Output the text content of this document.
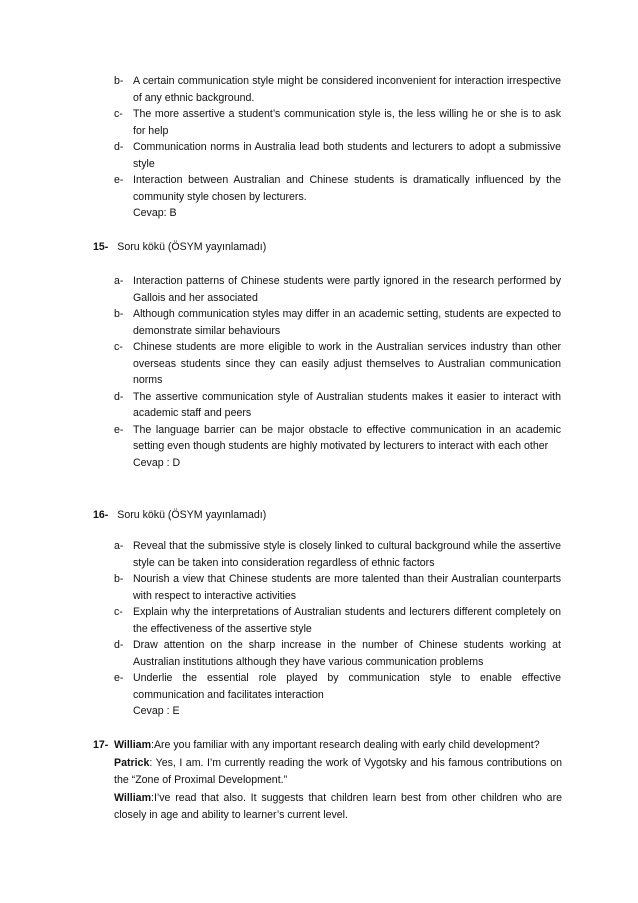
b- A certain communication style might be considered inconvenient for interaction irrespective of any ethnic background.
c- The more assertive a student’s communication style is, the less willing he or she is to ask for help
d- Communication norms in Australia lead both students and lecturers to adopt a submissive style
e- Interaction between Australian and Chinese students is dramatically influenced by the community style chosen by lecturers.
Cevap: B
15- Soru kökü (ÖSYM yayınlamadı)
a- Interaction patterns of Chinese students were partly ignored in the research performed by Gallois and her associated
b- Although communication styles may differ in an academic setting, students are expected to demonstrate similar behaviours
c- Chinese students are more eligible to work in the Australian services industry than other overseas students since they can easily adjust themselves to Australian communication norms
d- The assertive communication style of Australian students makes it easier to interact with academic staff and peers
e- The language barrier can be major obstacle to effective communication in an academic setting even though students are highly motivated by lecturers to interact with each other
Cevap : D
16- Soru kökü (ÖSYM yayınlamadı)
a- Reveal that the submissive style is closely linked to cultural background while the assertive style can be taken into consideration regardless of ethnic factors
b- Nourish a view that Chinese students are more talented than their Australian counterparts with respect to interactive activities
c- Explain why the interpretations of Australian students and lecturers different completely on the effectiveness of the assertive style
d- Draw attention on the sharp increase in the number of Chinese students working at Australian institutions although they have various communication problems
e- Underlie the essential role played by communication style to enable effective communication and facilitates interaction
Cevap : E
17- William:Are you familiar with any important research dealing with early child development?
Patrick: Yes, I am. I’m currently reading the work of Vygotsky and his famous contributions on the “Zone of Proximal Development.”
William:I’ve read that also. It suggests that children learn best from other children who are closely in age and ability to learner’s current level.
